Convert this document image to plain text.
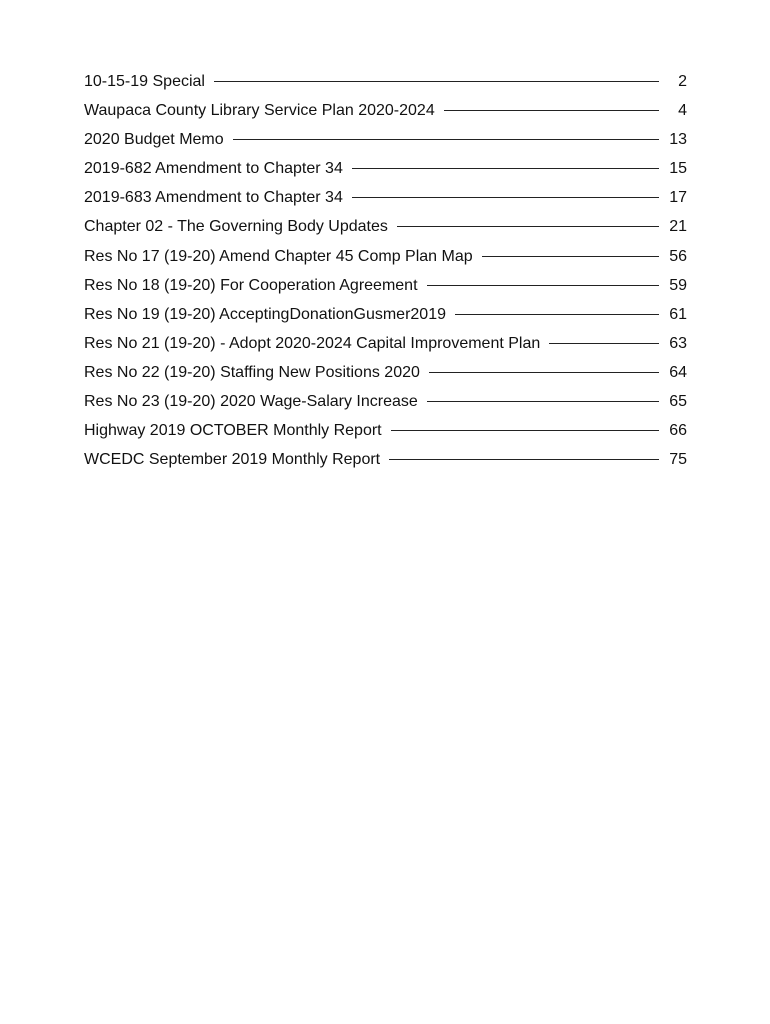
10-15-19 Special	2
Waupaca County Library Service Plan 2020-2024	4
2020 Budget Memo	13
2019-682 Amendment to Chapter 34	15
2019-683 Amendment to Chapter 34	17
Chapter 02 - The Governing Body Updates	21
Res No 17 (19-20) Amend Chapter 45 Comp Plan Map	56
Res No 18 (19-20) For Cooperation Agreement	59
Res No 19 (19-20) AcceptingDonationGusmer2019	61
Res No 21 (19-20) - Adopt 2020-2024 Capital Improvement Plan	63
Res No 22 (19-20) Staffing New Positions 2020	64
Res No 23 (19-20) 2020 Wage-Salary Increase	65
Highway 2019 OCTOBER Monthly Report	66
WCEDC September 2019 Monthly Report	75
